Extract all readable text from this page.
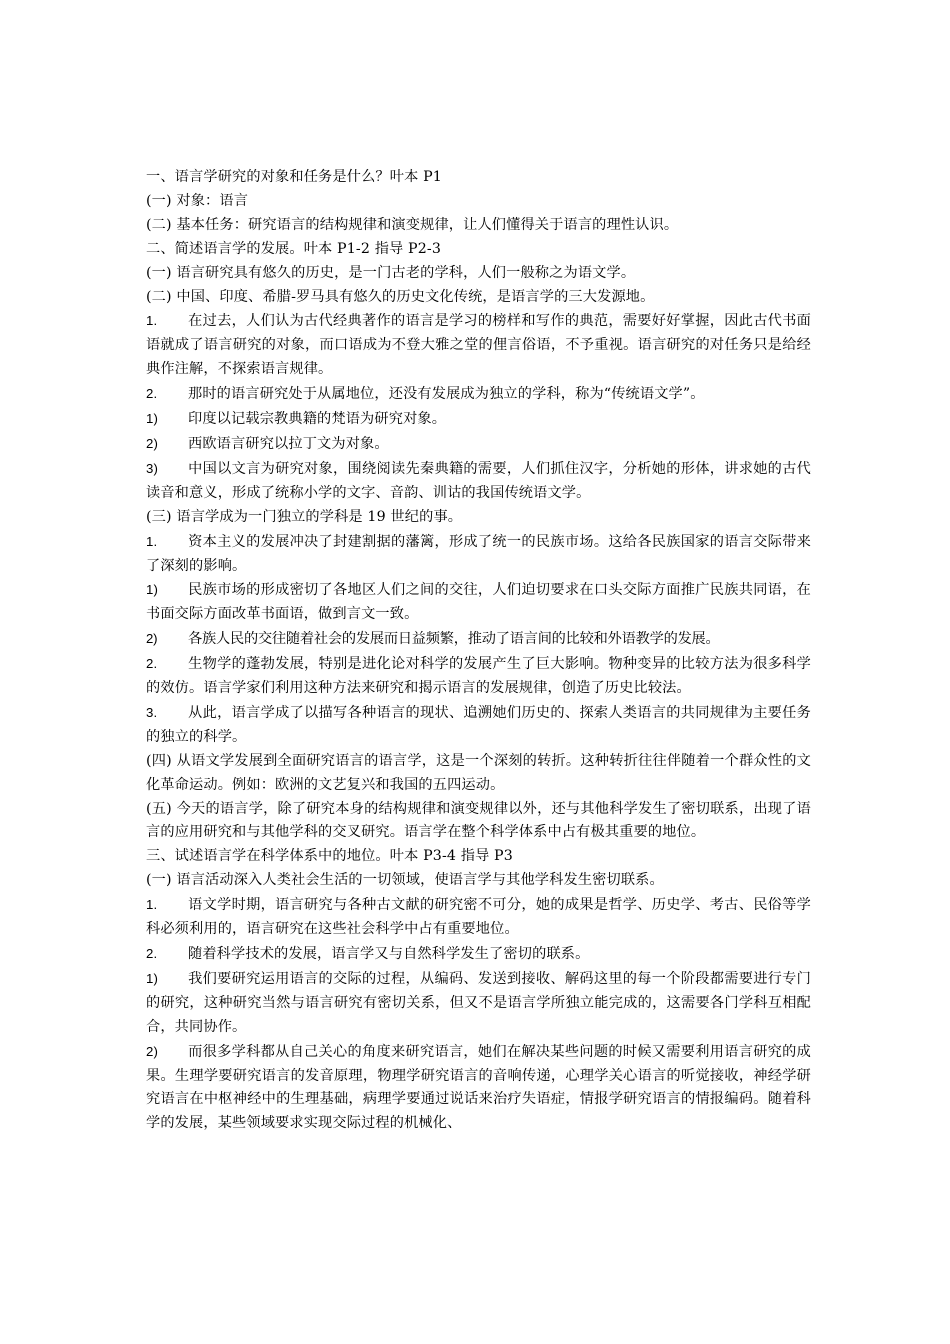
一、语言学研究的对象和任务是什么？叶本 P1

(一) 对象：语言

(二) 基本任务：研究语言的结构规律和演变规律，让人们懂得关于语言的理性认识。

二、简述语言学的发展。叶本 P1-2 指导 P2-3

(一) 语言研究具有悠久的历史，是一门古老的学科，人们一般称之为语文学。

(二) 中国、印度、希腊-罗马具有悠久的历史文化传统，是语言学的三大发源地。

1. 在过去，人们认为古代经典著作的语言是学习的榜样和写作的典范，需要好好掌握，因此古代书面语就成了语言研究的对象，而口语成为不登大雅之堂的俚言俗语，不予重视。语言研究的对任务只是给经典作注解，不探索语言规律。

2. 那时的语言研究处于从属地位，还没有发展成为独立的学科，称为“传统语文学”。

1) 印度以记载宗教典籍的梵语为研究对象。

2) 西欧语言研究以拉丁文为对象。

3) 中国以文言为研究对象，围绕阅读先秦典籍的需要，人们抓住汉字，分析她的形体，讲求她的古代读音和意义，形成了统称小学的文字、音韵、训诂的我国传统语文学。

(三) 语言学成为一门独立的学科是 19 世纪的事。

1. 资本主义的发展冲决了封建割据的藩篱，形成了统一的民族市场。这给各民族国家的语言交际带来了深刻的影响。

1) 民族市场的形成密切了各地区人们之间的交往，人们迫切要求在口头交际方面推广民族共同语，在书面交际方面改革书面语，做到言文一致。

2) 各族人民的交往随着社会的发展而日益频繁，推动了语言间的比较和外语教学的发展。

2. 生物学的蓬勃发展，特别是进化论对科学的发展产生了巨大影响。物种变异的比较方法为很多科学的效仿。语言学家们利用这种方法来研究和揭示语言的发展规律，创造了历史比较法。

3. 从此，语言学成了以描写各种语言的现状、追溯她们历史的、探索人类语言的共同规律为主要任务的独立的科学。

(四) 从语文学发展到全面研究语言的语言学，这是一个深刻的转折。这种转折往往伴随着一个群众性的文化革命运动。例如：欧洲的文艺复兴和我国的五四运动。

(五) 今天的语言学，除了研究本身的结构规律和演变规律以外，还与其他科学发生了密切联系，出现了语言的应用研究和与其他学科的交叉研究。语言学在整个科学体系中占有极其重要的地位。

三、试述语言学在科学体系中的地位。叶本 P3-4 指导 P3

(一) 语言活动深入人类社会生活的一切领域，使语言学与其他学科发生密切联系。

1. 语文学时期，语言研究与各种古文献的研究密不可分，她的成果是哲学、历史学、考古、民俗等学科必须利用的，语言研究在这些社会科学中占有重要地位。

2. 随着科学技术的发展，语言学又与自然科学发生了密切的联系。

1) 我们要研究运用语言的交际的过程，从编码、发送到接收、解码这里的每一个阶段都需要进行专门的研究，这种研究当然与语言研究有密切关系，但又不是语言学所独立能完成的，这需要各门学科互相配合，共同协作。

2) 而很多学科都从自己关心的角度来研究语言，她们在解决某些问题的时候又需要利用语言研究的成果。生理学要研究语言的发音原理，物理学研究语言的音响传递，心理学关心语言的听觉接收，神经学研究语言在中枢神经中的生理基础，病理学要通过说话来治疗失语症，情报学研究语言的情报编码。随着科学的发展，某些领域要求实现交际过程的机械化、
